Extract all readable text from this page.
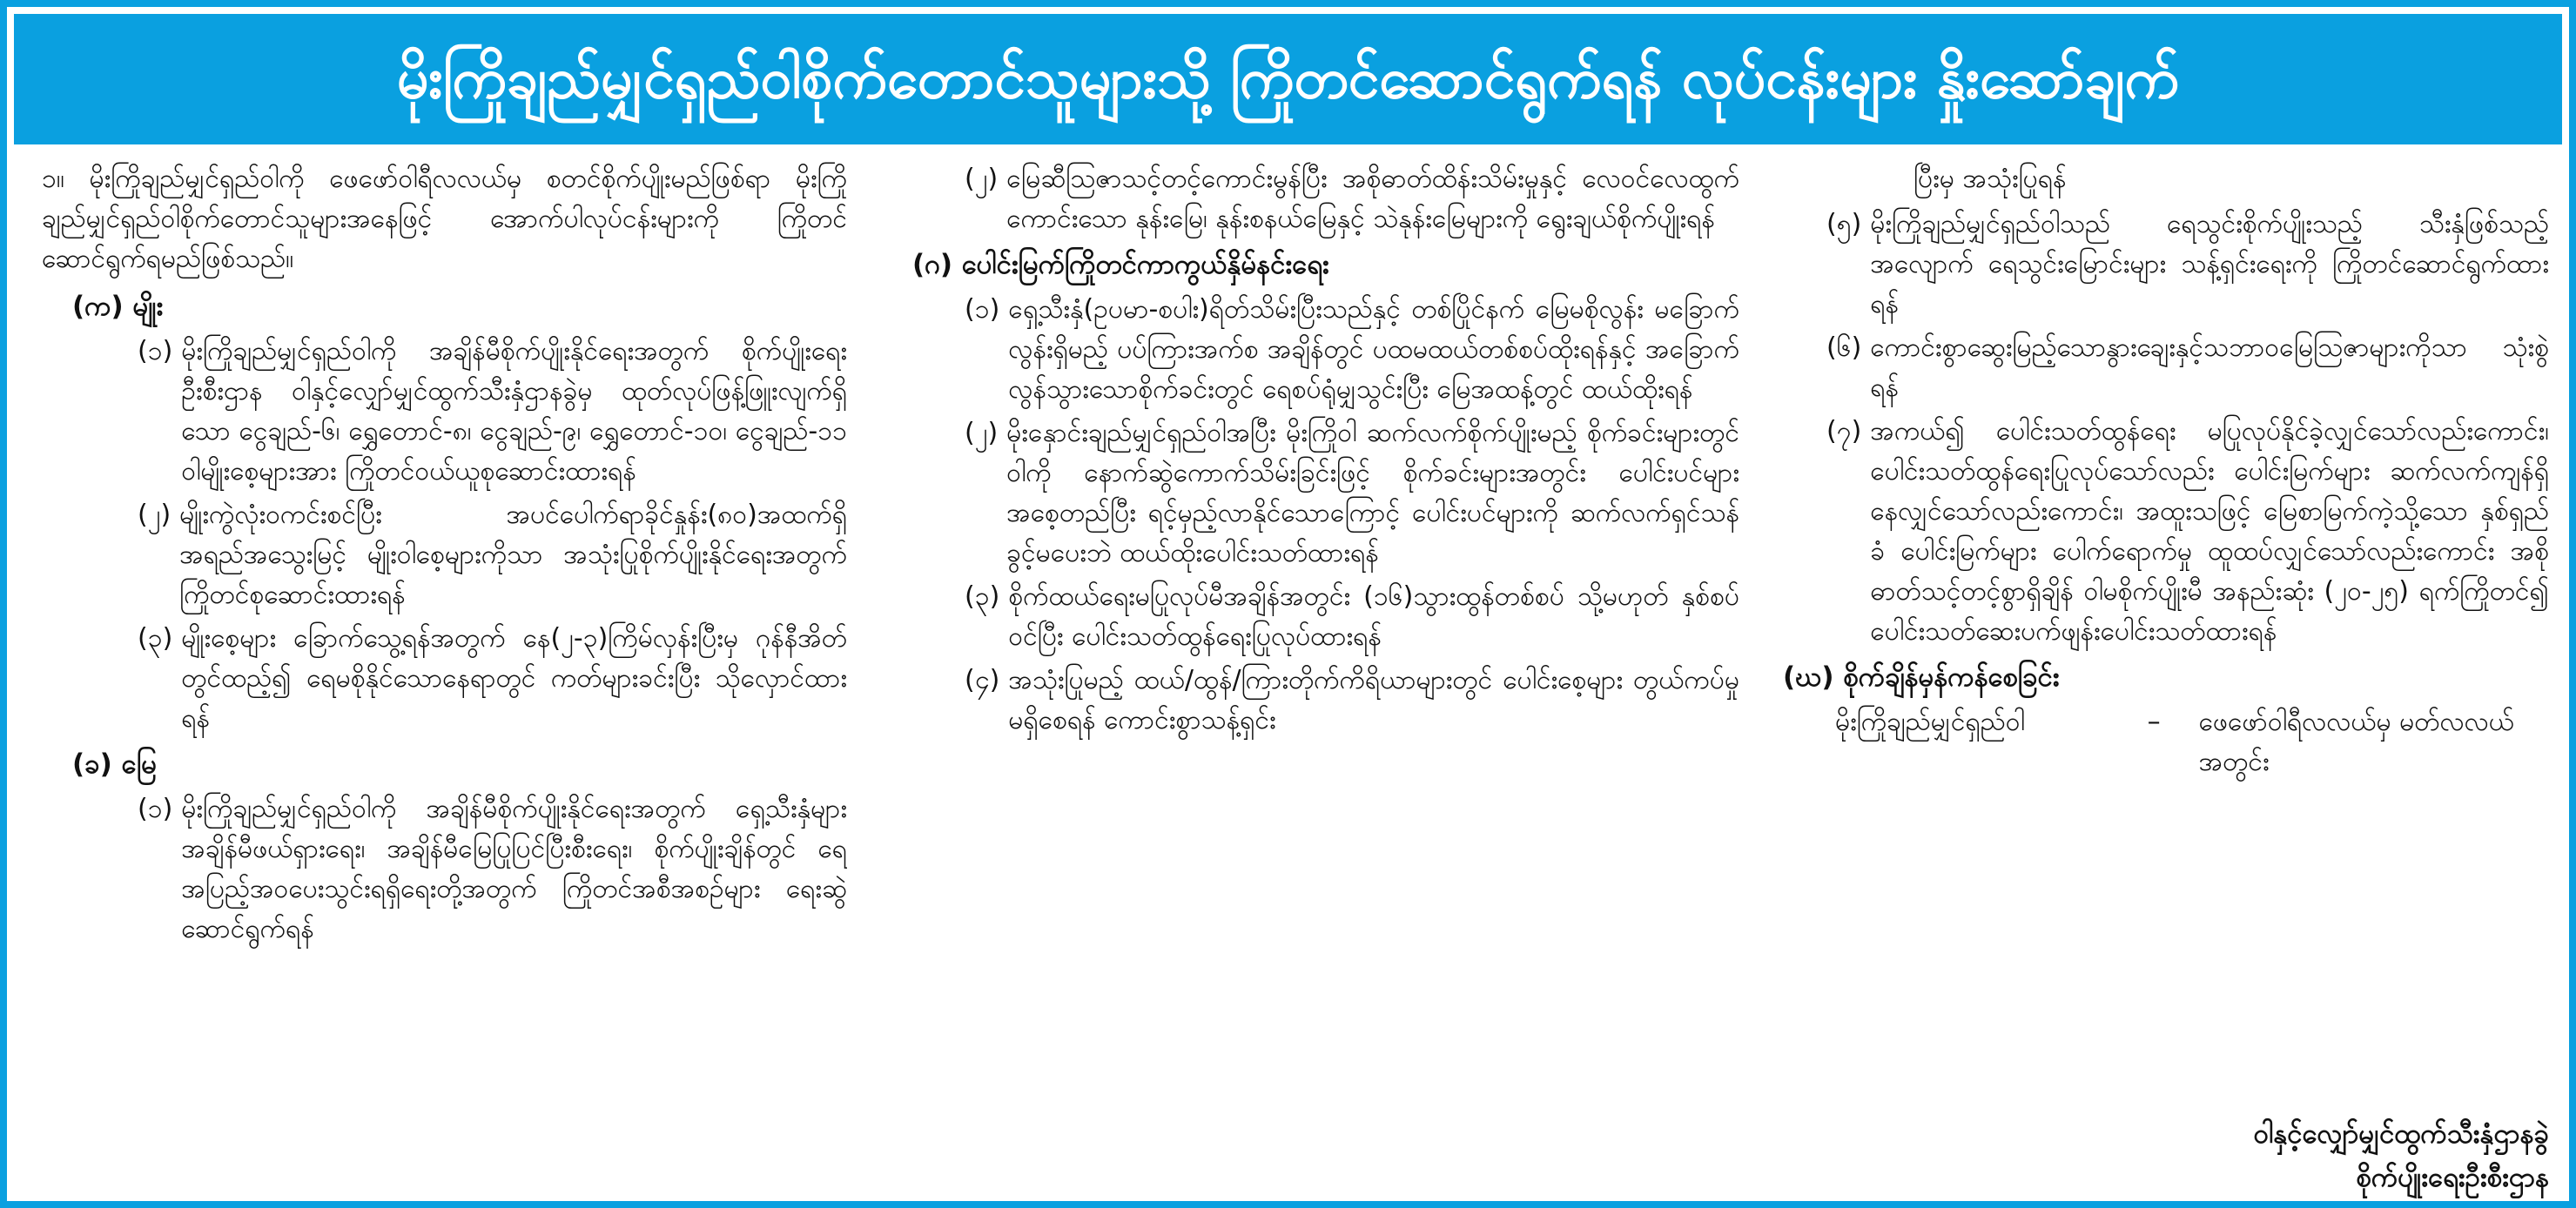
မိုးကြိုချည်မျှင်ရှည်ဝါစိုက်တောင်သူများသို့ ကြိုတင်ဆောင်ရွက်ရန် လုပ်ငန်းများ နှိုးဆော်ချက်

၁။ မိုးကြိုချည်မျှင်ရှည်ဝါကို ဖေဖော်ဝါရီလလယ်မှ စတင်စိုက်ပျိုးမည်ဖြစ်ရာ မိုးကြိုချည်မျှင်ရှည်ဝါစိုက်တောင်သူများအနေဖြင့် အောက်ပါလုပ်ငန်းများကို ကြိုတင်ဆောင်ရွက်ရမည်ဖြစ်သည်။

(က) မျိုး

(၁) မိုးကြိုချည်မျှင်ရှည်ဝါကို အချိန်မီစိုက်ပျိုးနိုင်ရေးအတွက် စိုက်ပျိုးရေးဦးစီးဌာန ဝါနှင့်လျှော်မျှင်ထွက်သီးနှံဌာနခွဲမှ ထုတ်လုပ်ဖြန့်ဖြူးလျက်ရှိသော ငွေချည်-၆၊ ရွှေတောင်-၈၊ ငွေချည်-၉၊ ရွှေတောင်-၁၀၊ ငွေချည်-၁၁ ဝါမျိုးစေ့များအား ကြိုတင်ဝယ်ယူစုဆောင်းထားရန်
(၂) မျိုးကွဲလုံးဝကင်းစင်ပြီး အပင်ပေါက်ရာခိုင်နှုန်း(၈၀)အထက်ရှိ အရည်အသွေးမြင့် မျိုးဝါစေ့များကိုသာ အသုံးပြုစိုက်ပျိုးနိုင်ရေးအတွက် ကြိုတင်စုဆောင်းထားရန်
(၃) မျိုးစေ့များ ခြောက်သွေ့ရန်အတွက် နေ(၂-၃)ကြိမ်လှန်းပြီးမှ ဂုန်နီအိတ်တွင်ထည့်၍ ရေမစိုနိုင်သောနေရာတွင် ကတ်များခင်းပြီး သိုလှောင်ထားရန်

(ခ) မြေ

(၁) မိုးကြိုချည်မျှင်ရှည်ဝါကို အချိန်မီစိုက်ပျိုးနိုင်ရေးအတွက် ရှေ့သီးနှံများ အချိန်မီဖယ်ရှားရေး၊ အချိန်မီမြေပြုပြင်ပြီးစီးရေး၊ စိုက်ပျိုးချိန်တွင် ရေအပြည့်အဝပေးသွင်းရရှိရေးတို့အတွက် ကြိုတင်အစီအစဉ်များ ရေးဆွဲဆောင်ရွက်ရန်
(၂) မြေဆီဩဇာသင့်တင့်ကောင်းမွန်ပြီး အစိုဓာတ်ထိန်းသိမ်းမှုနှင့် လေဝင်လေထွက်ကောင်းသော နုန်းမြေ၊ နုန်းစနယ်မြေနှင့် သဲနုန်းမြေများကို ရွေးချယ်စိုက်ပျိုးရန်

(ဂ) ပေါင်းမြက်ကြိုတင်ကာကွယ်နှိမ်နင်းရေး

(၁) ရှေ့သီးနှံ(ဥပမာ-စပါး)ရိတ်သိမ်းပြီးသည်နှင့် တစ်ပြိုင်နက် မြေမစိုလွန်း မခြောက်လွန်းရှိမည့် ပပ်ကြားအက်စ အချိန်တွင် ပထမထယ်တစ်စပ်ထိုးရန်နှင့် အခြောက်လွန်သွားသောစိုက်ခင်းတွင် ရေစပ်ရုံမျှသွင်းပြီး မြေအထန့်တွင် ထယ်ထိုးရန်
(၂) မိုးနှောင်းချည်မျှင်ရှည်ဝါအပြီး မိုးကြိုဝါ ဆက်လက်စိုက်ပျိုးမည့် စိုက်ခင်းများတွင် ဝါကို နောက်ဆွဲကောက်သိမ်းခြင်းဖြင့် စိုက်ခင်းများအတွင်း ပေါင်းပင်များ အစေ့တည်ပြီး ရင့်မှည့်လာနိုင်သောကြောင့် ပေါင်းပင်များကို ဆက်လက်ရှင်သန်ခွင့်မပေးဘဲ ထယ်ထိုးပေါင်းသတ်ထားရန်
(၃) စိုက်ထယ်ရေးမပြုလုပ်မီအချိန်အတွင်း (၁၆)သွားထွန်တစ်စပ် သို့မဟုတ် နှစ်စပ်ဝင်ပြီး ပေါင်းသတ်ထွန်ရေးပြုလုပ်ထားရန်
(၄) အသုံးပြုမည့် ထယ်/ထွန်/ကြားတိုက်ကိရိယာများတွင် ပေါင်းစေ့များ တွယ်ကပ်မှုမရှိစေရန် ကောင်းစွာသန့်ရှင်း

ပြီးမှ အသုံးပြုရန်

(၅) မိုးကြိုချည်မျှင်ရှည်ဝါသည် ရေသွင်းစိုက်ပျိုးသည့် သီးနှံဖြစ်သည့်အလျောက် ရေသွင်းမြောင်းများ သန့်ရှင်းရေးကို ကြိုတင်ဆောင်ရွက်ထားရန်
(၆) ကောင်းစွာဆွေးမြည့်သောနွားချေးနှင့်သဘာဝမြေဩဇာများကိုသာ သုံးစွဲရန်
(၇) အကယ်၍ ပေါင်းသတ်ထွန်ရေး မပြုလုပ်နိုင်ခဲ့လျှင်သော်လည်းကောင်း၊ ပေါင်းသတ်ထွန်ရေးပြုလုပ်သော်လည်း ပေါင်းမြက်များ ဆက်လက်ကျန်ရှိနေလျှင်သော်လည်းကောင်း၊ အထူးသဖြင့် မြေစာမြက်ကဲ့သို့သော နှစ်ရှည်ခံ ပေါင်းမြက်များ ပေါက်ရောက်မှု ထူထပ်လျှင်သော်လည်းကောင်း အစိုဓာတ်သင့်တင့်စွာရှိချိန် ဝါမစိုက်ပျိုးမီ အနည်းဆုံး (၂၀-၂၅) ရက်ကြိုတင်၍ ပေါင်းသတ်ဆေးပက်ဖျန်းပေါင်းသတ်ထားရန်

(ဃ) စိုက်ချိန်မှန်ကန်စေခြင်း

မိုးကြိုချည်မျှင်ရှည်ဝါ	–	ဖေဖော်ဝါရီလလယ်မှ မတ်လလယ်အတွင်း

ဝါနှင့်လျှော်မျှင်ထွက်သီးနှံဌာနခွဲ

စိုက်ပျိုးရေးဦးစီးဌာန
